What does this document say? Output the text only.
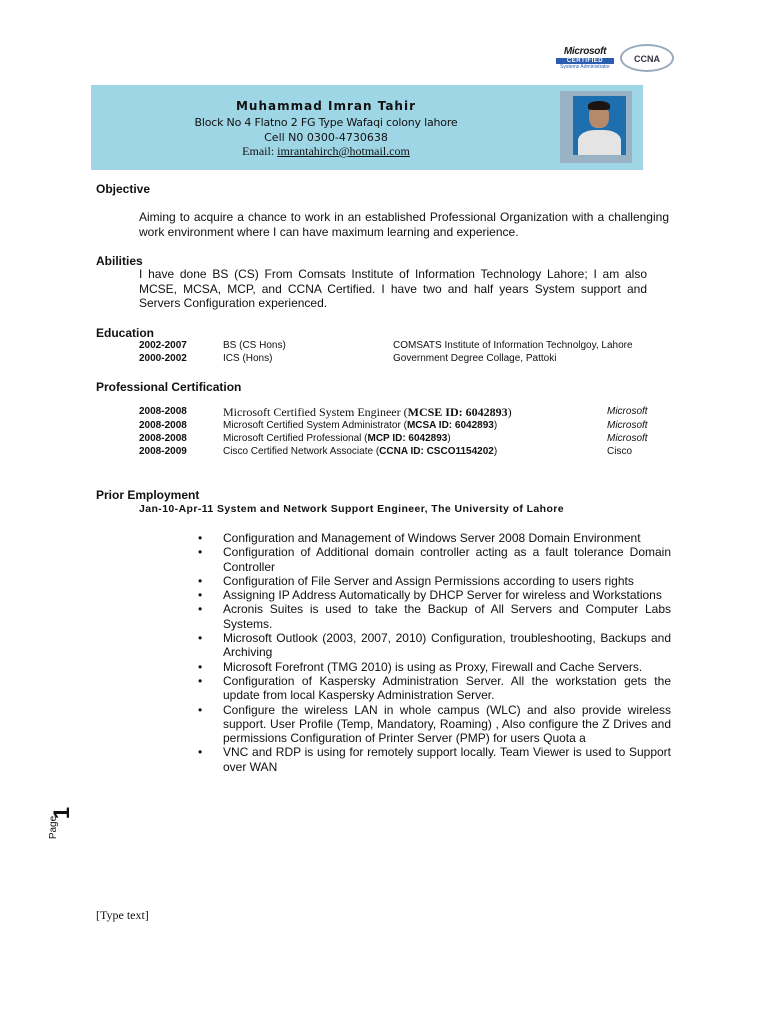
Microsoft
CERTIFIED
Systems Administrator
CCNA
Muhammad Imran Tahir
Block No 4 Flatno 2 FG Type Wafaqi colony lahore
Cell N0 0300-4730638
Email: imrantahirch@hotmail.com
Objective
Aiming to acquire a chance to work in an established Professional Organization with a challenging work environment where I can have maximum learning and experience.
Abilities
I have done BS (CS) From Comsats Institute of Information Technology Lahore; I am also MCSE, MCSA, MCP, and CCNA Certified. I have two and half years System support and Servers Configuration experienced.
Education
2002-2007	BS (CS Hons)	COMSATS Institute of Information Technolgoy, Lahore
2000-2002	ICS (Hons)	Government Degree Collage, Pattoki
Professional Certification
2008-2008	Microsoft Certified System Engineer (MCSE ID: 6042893)	Microsoft
2008-2008	Microsoft Certified System Administrator (MCSA ID: 6042893)	Microsoft
2008-2008	Microsoft Certified Professional (MCP ID: 6042893)	Microsoft
2008-2009	Cisco Certified Network Associate (CCNA ID: CSCO1154202)	Cisco
Prior Employment
Jan-10-Apr-11 System and Network Support Engineer, The University of Lahore
• Configuration and Management of Windows Server 2008 Domain Environment
• Configuration of Additional domain controller acting as a fault tolerance Domain Controller
• Configuration of File Server and Assign Permissions according to users rights
• Assigning IP Address Automatically by DHCP Server for wireless and Workstations
• Acronis Suites is used to take the Backup of All Servers and Computer Labs Systems.
• Microsoft Outlook (2003, 2007, 2010) Configuration, troubleshooting, Backups and Archiving
• Microsoft Forefront (TMG 2010) is using as Proxy, Firewall and Cache Servers.
• Configuration of Kaspersky Administration Server. All the workstation gets the update from local Kaspersky Administration Server.
• Configure the wireless LAN in whole campus (WLC) and also provide wireless support. User Profile (Temp, Mandatory, Roaming) , Also configure the Z Drives and permissions Configuration of Printer Server (PMP) for users Quota a
• VNC and RDP is using for remotely support locally. Team Viewer is used to Support over WAN
Page
1
[Type text]
